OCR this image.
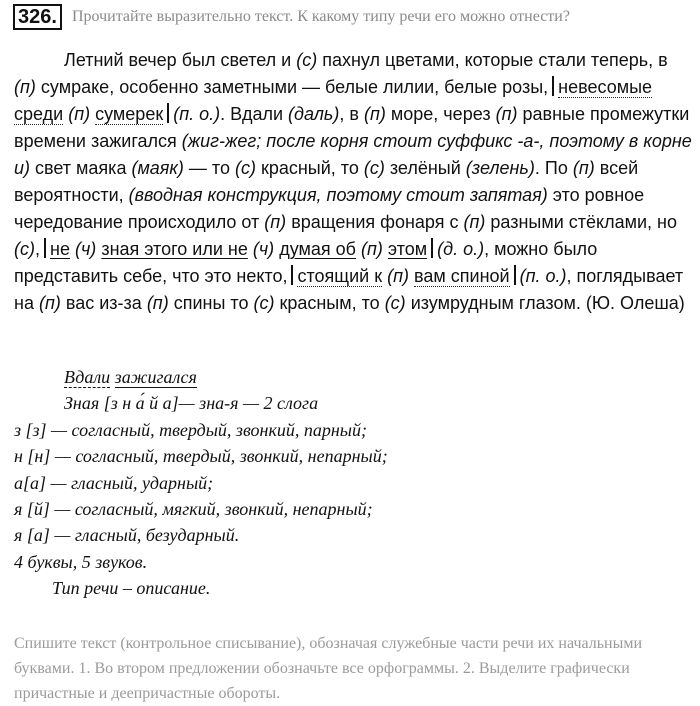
326. Прочитайте выразительно текст. К какому типу речи его можно отнести?

Летний вечер был светел и (с) пахнул цветами, которые стали теперь, в (п) сумраке, особенно заметными — белые лилии, белые розы, невесомые среди (п) сумерек (п. о.). Вдали (даль), в (п) море, через (п) равные промежутки времени зажигался (жиг-жег; после корня стоит суффикс -а-, поэтому в корне и) свет маяка (маяк) — то (с) красный, то (с) зелёный (зелень). По (п) всей вероятности, (вводная конструкция, поэтому стоит запятая) это ровное чередование происходило от (п) вращения фонаря с (п) разными стёклами, но (с), не (ч) зная этого или не (ч) думая об (п) этом (д. о.), можно было представить себе, что это некто, стоящий к (п) вам спиной (п. о.), поглядывает на (п) вас из-за (п) спины то (с) красным, то (с) изумрудным глазом. (Ю. Олеша)

Вдали зажигался
Зная [з н а́ й а]— зна-я — 2 слога
з [з] — согласный, твердый, звонкий, парный;
н [н] — согласный, твердый, звонкий, непарный;
а[а] — гласный, ударный;
я [й] — согласный, мягкий, звонкий, непарный;
я [а] — гласный, безударный.
4 буквы, 5 звуков.
Тип речи – описание.
Спишите текст (контрольное списывание), обозначая служебные части речи их начальными буквами. 1. Во втором предложении обозначьте все орфограммы. 2. Выделите графически причастные и деепричастные обороты.
